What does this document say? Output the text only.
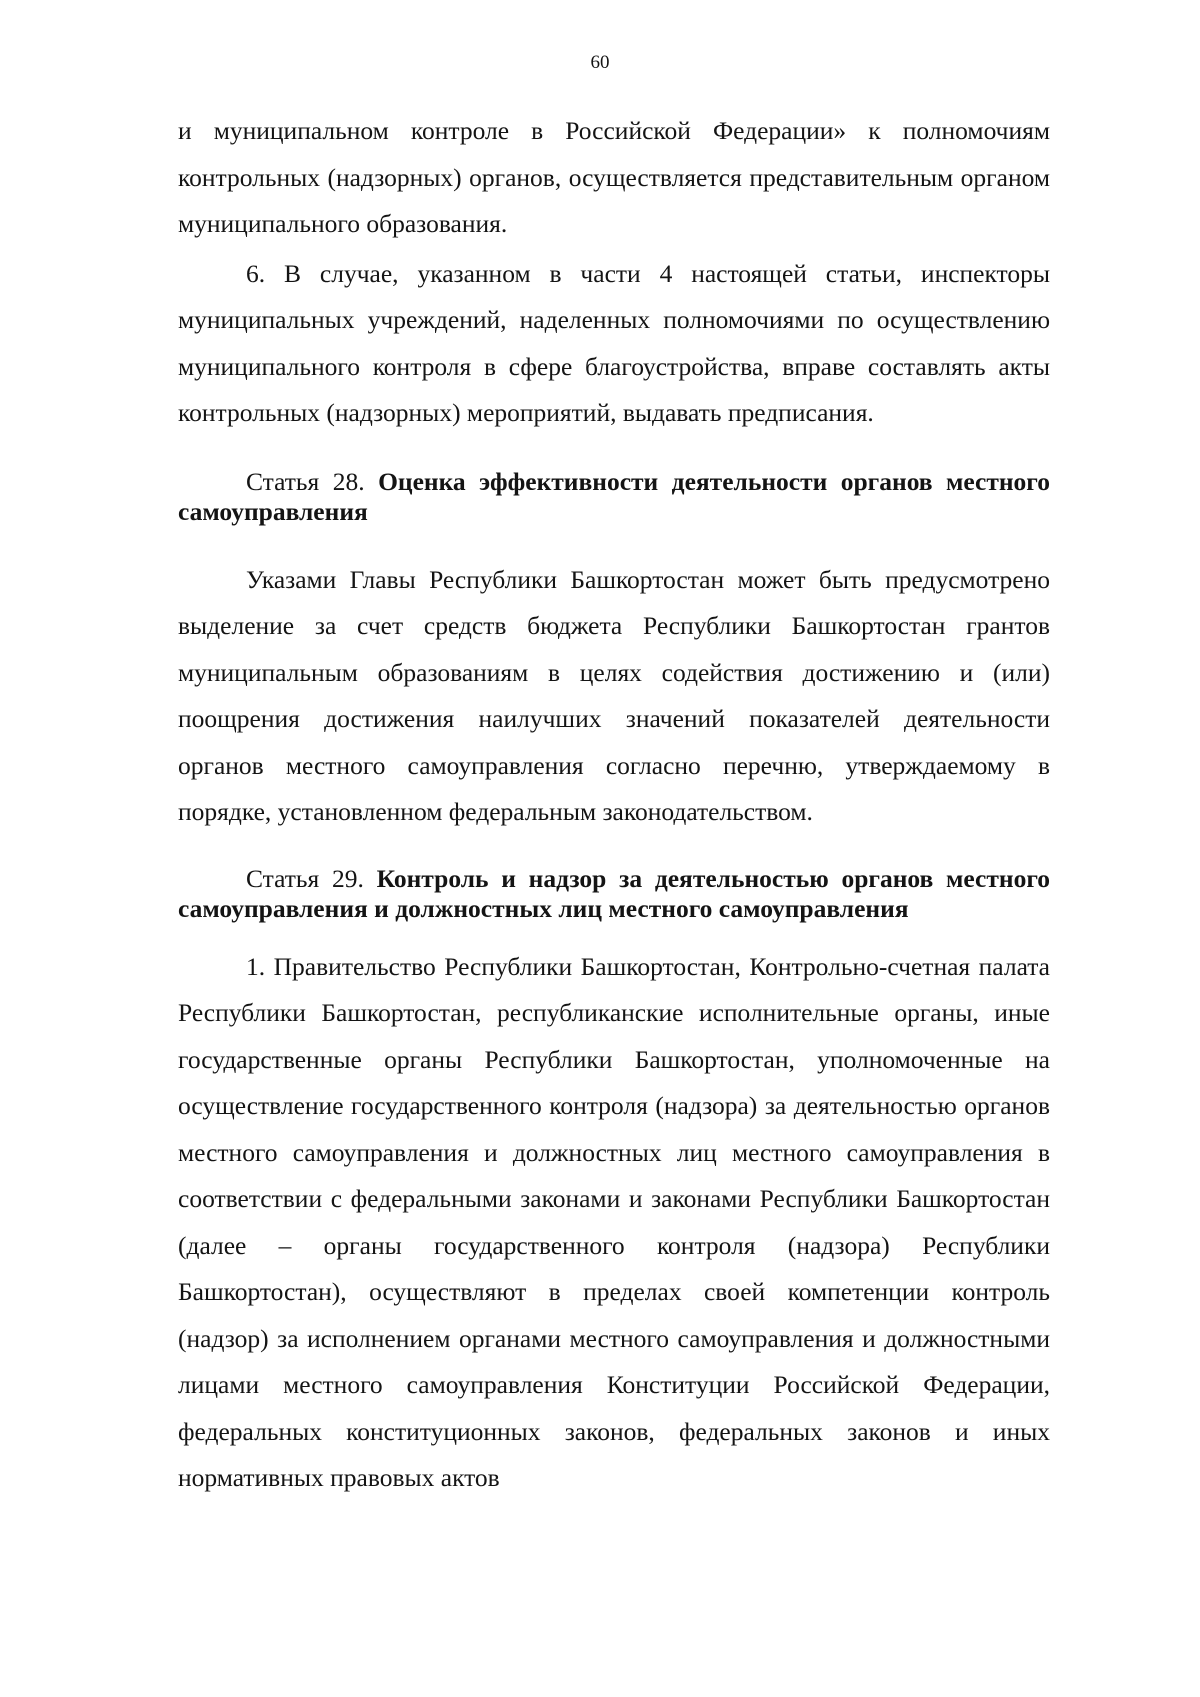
60

и муниципальном контроле в Российской Федерации» к полномочиям контрольных (надзорных) органов, осуществляется представительным органом муниципального образования.

6. В случае, указанном в части 4 настоящей статьи, инспекторы муниципальных учреждений, наделенных полномочиями по осуществлению муниципального контроля в сфере благоустройства, вправе составлять акты контрольных (надзорных) мероприятий, выдавать предписания.

Статья 28. Оценка эффективности деятельности органов местного самоуправления

Указами Главы Республики Башкортостан может быть предусмотрено выделение за счет средств бюджета Республики Башкортостан грантов муниципальным образованиям в целях содействия достижению и (или) поощрения достижения наилучших значений показателей деятельности органов местного самоуправления согласно перечню, утверждаемому в порядке, установленном федеральным законодательством.

Статья 29. Контроль и надзор за деятельностью органов местного самоуправления и должностных лиц местного самоуправления

1. Правительство Республики Башкортостан, Контрольно-счетная палата Республики Башкортостан, республиканские исполнительные органы, иные государственные органы Республики Башкортостан, уполномоченные на осуществление государственного контроля (надзора) за деятельностью органов местного самоуправления и должностных лиц местного самоуправления в соответствии с федеральными законами и законами Республики Башкортостан (далее – органы государственного контроля (надзора) Республики Башкортостан), осуществляют в пределах своей компетенции контроль (надзор) за исполнением органами местного самоуправления и должностными лицами местного самоуправления Конституции Российской Федерации, федеральных конституционных законов, федеральных законов и иных нормативных правовых актов
